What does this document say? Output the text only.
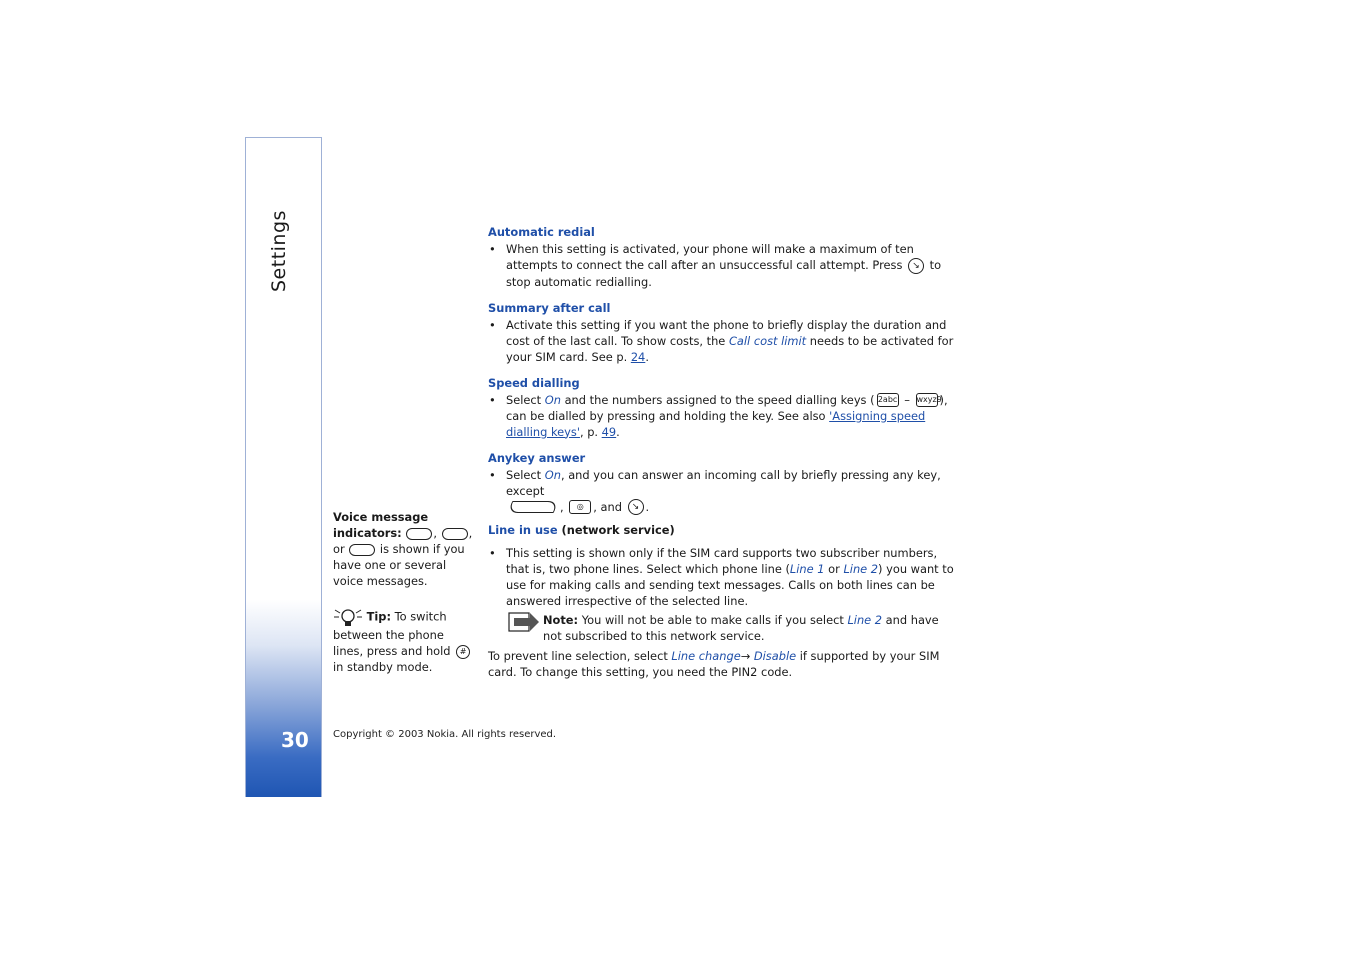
Settings
30 Copyright © 2003 Nokia. All rights reserved.
Voice message indicators:	,	, or	is shown if you have one or several voice messages.
Tip: To switch between the phone lines, press and hold # in standby mode.

Automatic redial

• When this setting is activated, your phone will make a maximum of ten attempts to connect the call after an unsuccessful call attempt. Press ↘ to stop automatic redialling.

Summary after call

• Activate this setting if you want the phone to briefly display the duration and cost of the last call. To show costs, the Call cost limit needs to be activated for your SIM card. See p. 24.

Speed dialling

• Select On and the numbers assigned to the speed dialling keys ( 2abc – wxyz9), can be dialled by pressing and holding the key. See also 'Assigning speed dialling keys', p. 49.

Anykey answer

• Select On, and you can answer an incoming call by briefly pressing any key, except
, ◎ , and ↘ .

Line in use (network service)

• This setting is shown only if the SIM card supports two subscriber numbers, that is, two phone lines. Select which phone line (Line 1 or Line 2) you want to use for making calls and sending text messages. Calls on both lines can be answered irrespective of the selected line.

Note: You will not be able to make calls if you select Line 2 and have not subscribed to this network service.

To prevent line selection, select Line change→ Disable if supported by your SIM card. To change this setting, you need the PIN2 code.
